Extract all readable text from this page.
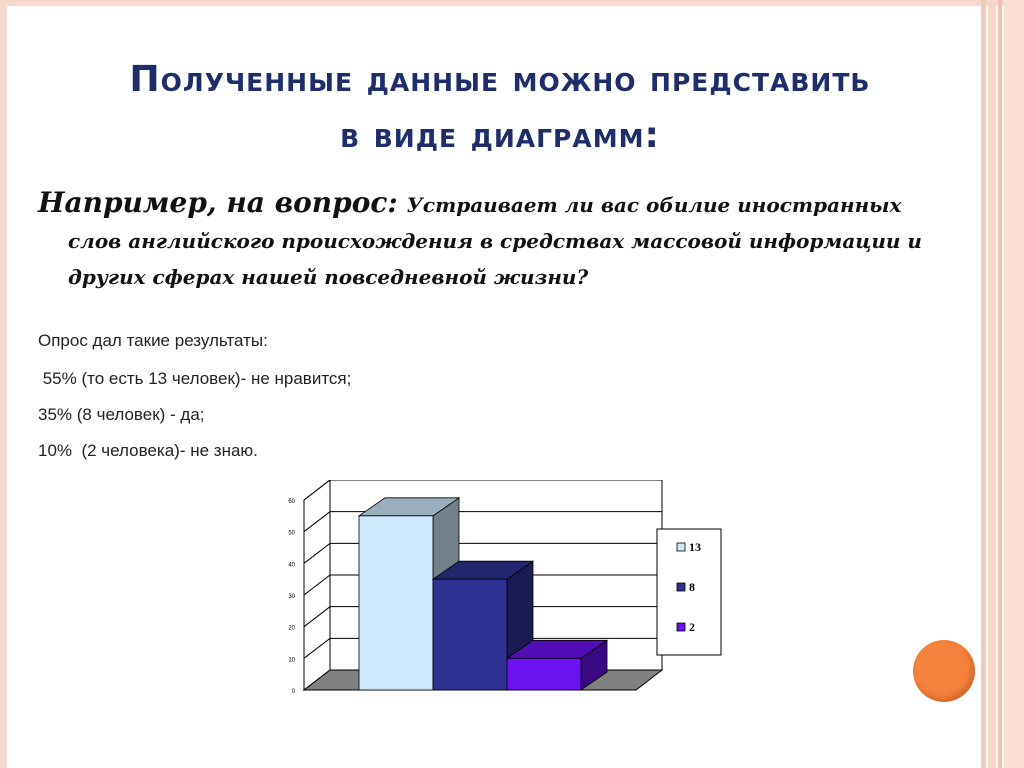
Полученные данные можно представить
в виде диаграмм:
Например, на вопрос: Устраивает ли вас обилие иностранных слов английского происхождения в средствах массовой информации и других сферах нашей повседневной жизни?
Опрос дал такие результаты:
55% (то есть 13 человек)- не нравится;
35% (8 человек) - да;
10%  (2 человека)- не знаю.
0
10
20
30
40
50
60
13
8
2
